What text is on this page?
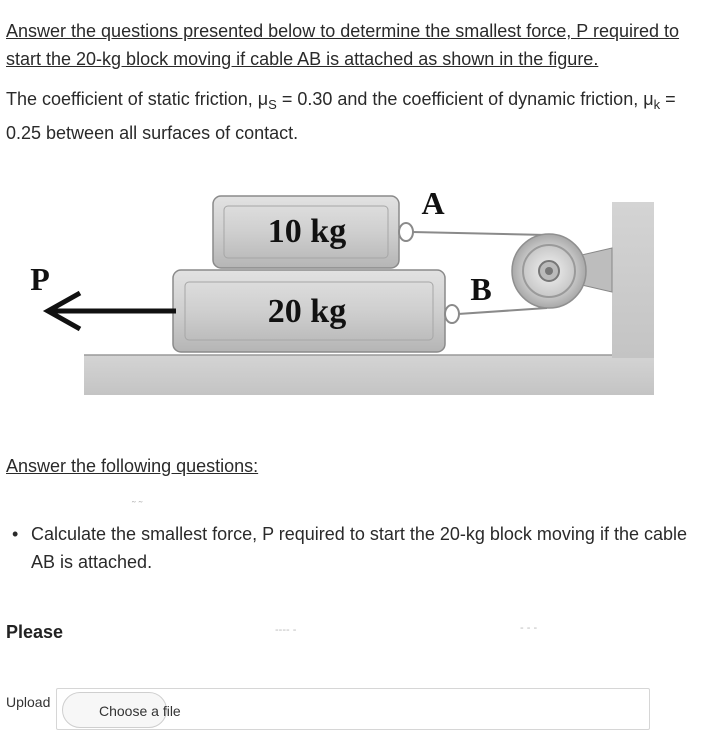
Answer the questions presented below to determine the smallest force, P required to start the 20-kg block moving if cable AB is attached as shown in the figure.
The coefficient of static friction, $\mu_S = 0.30$ and the coefficient of dynamic friction, $\mu_k = 0.25$ between all surfaces of contact.
10 kg
20 kg
P
A
B
Answer the following questions:
• Calculate the smallest force, P required to start the 20-kg block moving if the cable AB is attached.
˜ ˜
‐‐‐‐ ‐	‐ ‐ ‐
Please
Upload
Choose a file
